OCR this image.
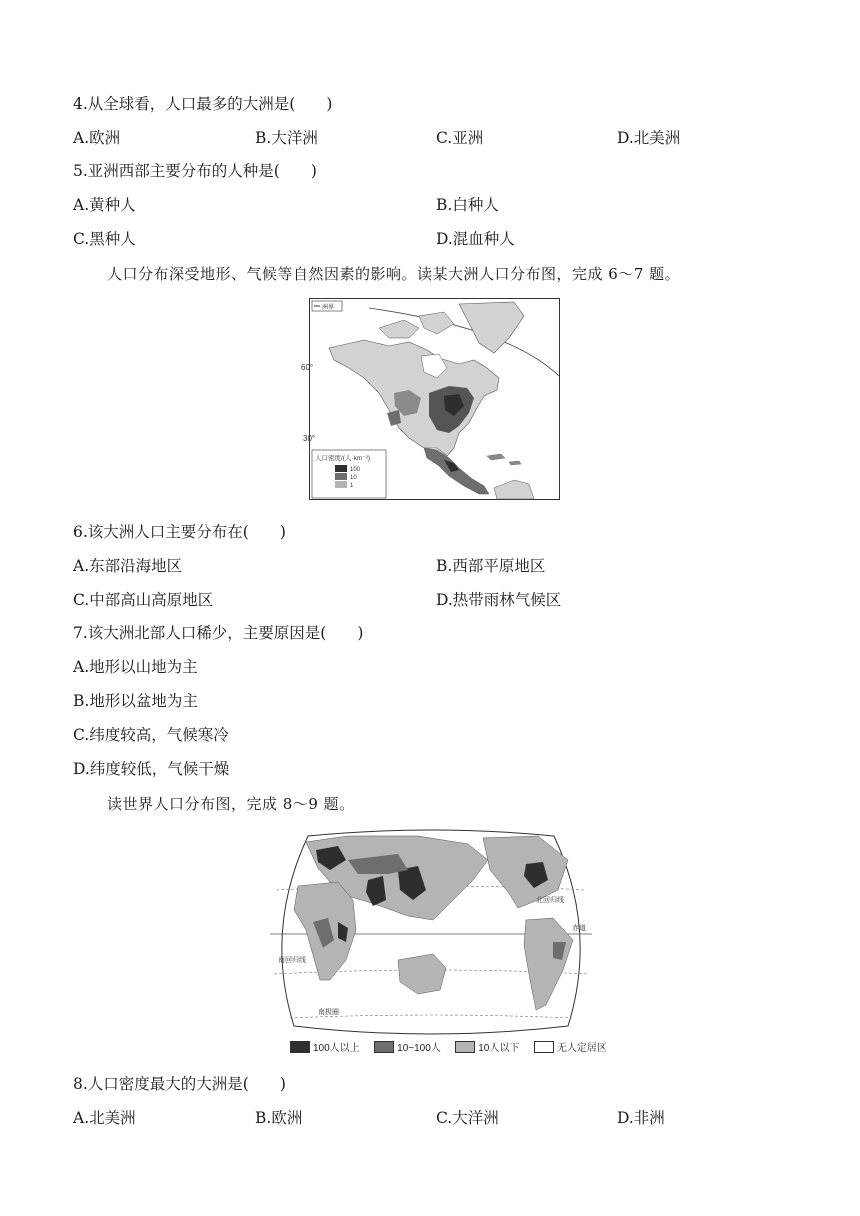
4.从全球看，人口最多的大洲是(　　)
A.欧洲	B.大洋洲	C.亚洲	D.北美洲
5.亚洲西部主要分布的人种是(　　)
A.黄种人	B.白种人
C.黑种人	D.混血种人
人口分布深受地形、气候等自然因素的影响。读某大洲人口分布图，完成 6～7 题。
60°
30°
洲界
人口密度/(人·km⁻²)
100
10
1
6.该大洲人口主要分布在(　　)
A.东部沿海地区	B.西部平原地区
C.中部高山高原地区	D.热带雨林气候区
7.该大洲北部人口稀少，主要原因是(　　)
A.地形以山地为主
B.地形以盆地为主
C.纬度较高，气候寒冷
D.纬度较低，气候干燥
读世界人口分布图，完成 8～9 题。
北回归线
赤道
南回归线
南极圈
100人以上
	10~100人
	10人以下
	无人定居区
8.人口密度最大的大洲是(　　)
A.北美洲	B.欧洲	C.大洋洲	D.非洲
